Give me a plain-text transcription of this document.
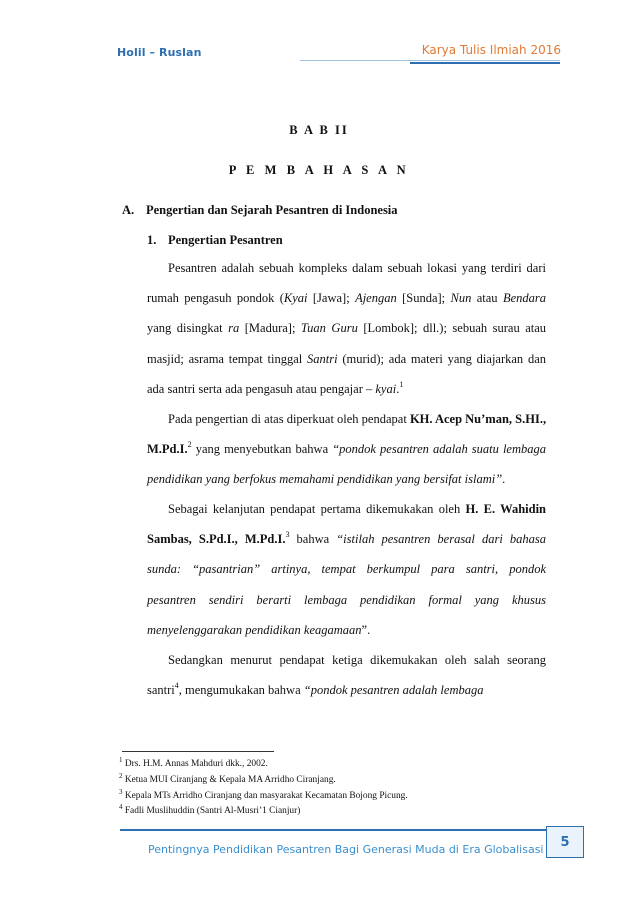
Holil – Ruslan	Karya Tulis Ilmiah 2016
B A B II
P E M B A H A S A N
A. Pengertian dan Sejarah Pesantren di Indonesia
1. Pengertian Pesantren
Pesantren adalah sebuah kompleks dalam sebuah lokasi yang terdiri dari
rumah pengasuh pondok (Kyai [Jawa]; Ajengan [Sunda]; Nun atau Bendara
yang disingkat ra [Madura]; Tuan Guru [Lombok]; dll.); sebuah surau atau
masjid; asrama tempat tinggal Santri (murid); ada materi yang diajarkan dan
ada santri serta ada pengasuh atau pengajar – kyai.$^1$
Pada pengertian di atas diperkuat oleh pendapat KH. Acep Nu’man, S.HI.,
M.Pd.I.$^2$ yang menyebutkan bahwa “pondok pesantren adalah suatu lembaga
pendidikan yang berfokus memahami pendidikan yang bersifat islami”.
Sebagai kelanjutan pendapat pertama dikemukakan oleh H. E. Wahidin
Sambas, S.Pd.I., M.Pd.I.$^3$ bahwa “istilah pesantren berasal dari bahasa
sunda: “pasantrian” artinya, tempat berkumpul para santri, pondok
pesantren sendiri berarti lembaga pendidikan formal yang khusus
menyelenggarakan pendidikan keagamaan”.
Sedangkan menurut pendapat ketiga dikemukakan oleh salah seorang
santri$^4$, mengumukakan bahwa “pondok pesantren adalah lembaga
$^1$ Drs. H.M. Annas Mahduri dkk., 2002.
$^2$ Ketua MUI Ciranjang & Kepala MA Arridho Ciranjang.
$^3$ Kepala MTs Arridho Ciranjang dan masyarakat Kecamatan Bojong Picung.
$^4$ Fadli Muslihuddin (Santri Al-Musri’1 Cianjur)
5
Pentingnya Pendidikan Pesantren Bagi Generasi Muda di Era Globalisasi
